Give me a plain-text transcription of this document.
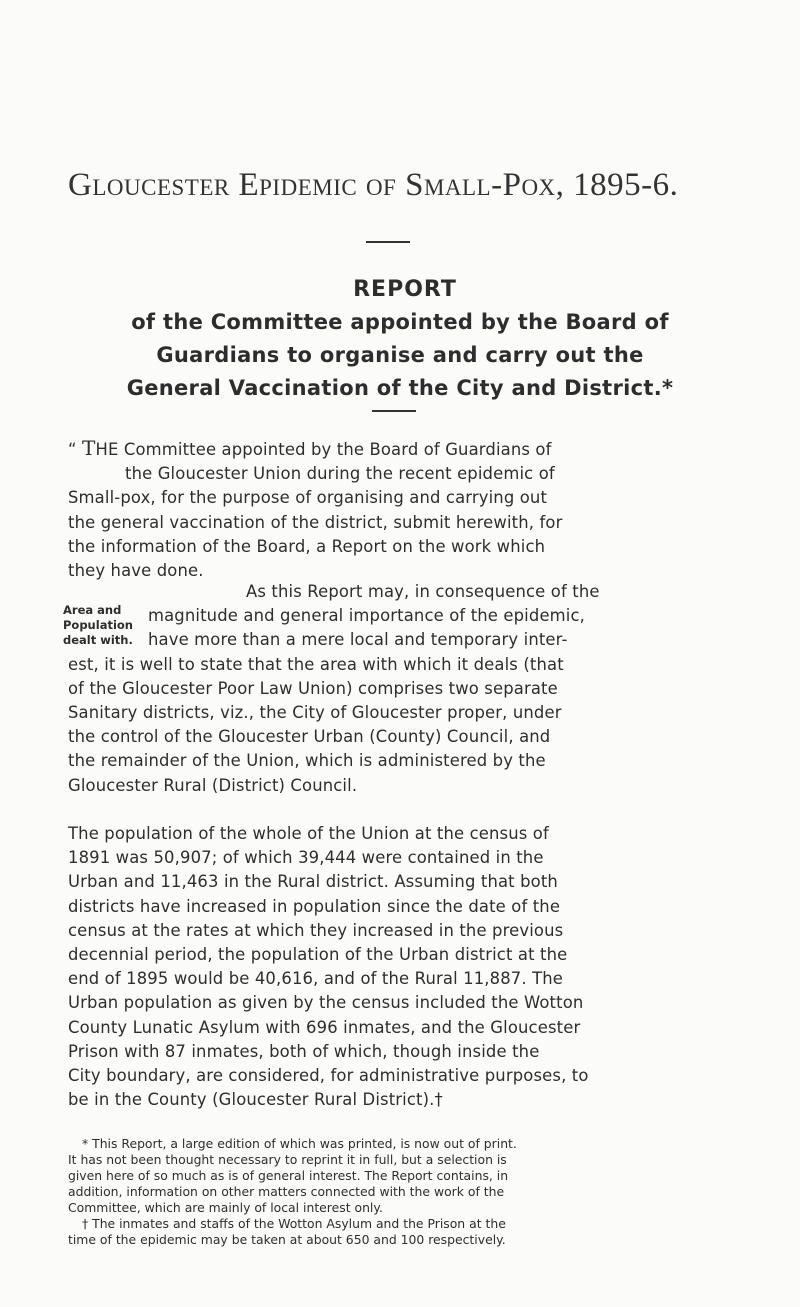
Gloucester Epidemic of Small-Pox, 1895-6.
REPORT
of the Committee appointed by the Board of
Guardians to organise and carry out the
General Vaccination of the City and District.*
“ THE Committee appointed by the Board of Guardians of
the Gloucester Union during the recent epidemic of
Small-pox, for the purpose of organising and carrying out
the general vaccination of the district, submit herewith, for
the information of the Board, a Report on the work which
they have done.
Area and
Population
dealt with.
As this Report may, in consequence of the
magnitude and general importance of the epidemic,
have more than a mere local and temporary inter-
est, it is well to state that the area with which it deals (that
of the Gloucester Poor Law Union) comprises two separate
Sanitary districts, viz., the City of Gloucester proper, under
the control of the Gloucester Urban (County) Council, and
the remainder of the Union, which is administered by the
Gloucester Rural (District) Council.
The population of the whole of the Union at the census of
1891 was 50,907; of which 39,444 were contained in the
Urban and 11,463 in the Rural district. Assuming that both
districts have increased in population since the date of the
census at the rates at which they increased in the previous
decennial period, the population of the Urban district at the
end of 1895 would be 40,616, and of the Rural 11,887. The
Urban population as given by the census included the Wotton
County Lunatic Asylum with 696 inmates, and the Gloucester
Prison with 87 inmates, both of which, though inside the
City boundary, are considered, for administrative purposes, to
be in the County (Gloucester Rural District).†
* This Report, a large edition of which was printed, is now out of print.
It has not been thought necessary to reprint it in full, but a selection is
given here of so much as is of general interest. The Report contains, in
addition, information on other matters connected with the work of the
Committee, which are mainly of local interest only.
† The inmates and staffs of the Wotton Asylum and the Prison at the
time of the epidemic may be taken at about 650 and 100 respectively.
